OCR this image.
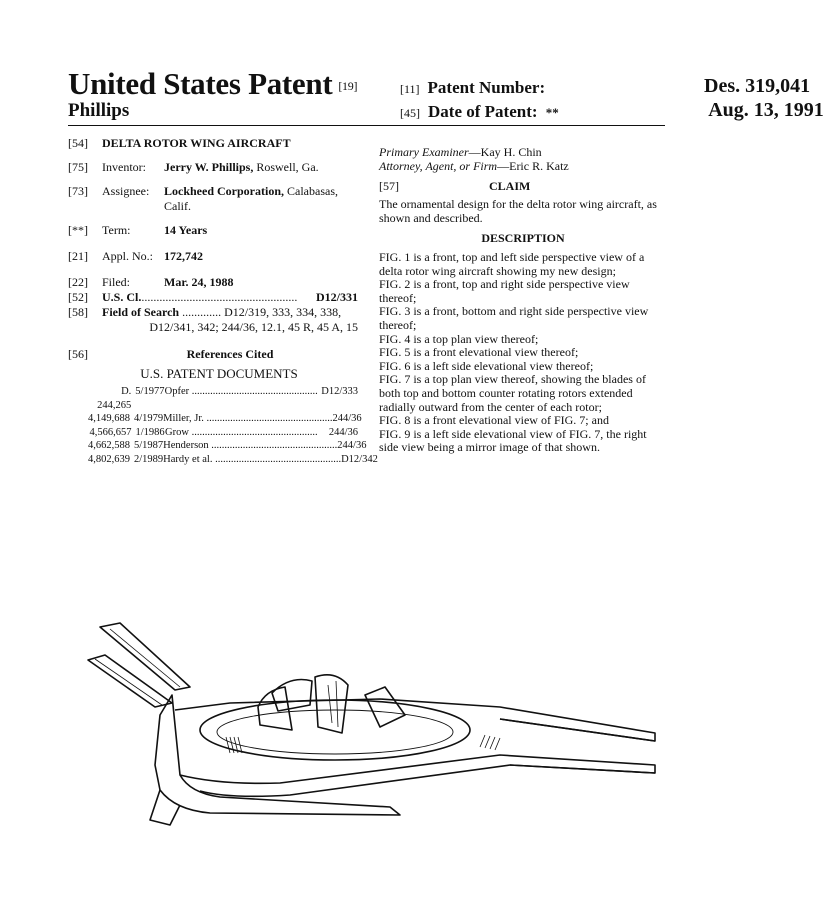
United States Patent [19]
Phillips
[11] Patent Number:	Des. 319,041
[45] Date of Patent: **	Aug. 13, 1991
[54]	DELTA ROTOR WING AIRCRAFT
[75]	Inventor:	Jerry W. Phillips, Roswell, Ga.
[73]	Assignee:	Lockheed Corporation, Calabasas, Calif.
[**]	Term:	14 Years
[21]	Appl. No.: 172,742
[22]	Filed:	Mar. 24, 1988
[52]	U.S. Cl. ....................................................	D12/331
[58]	Field of Search ............. D12/319, 333, 334, 338,
D12/341, 342; 244/36, 12.1, 45 R, 45 A, 15
[56]	References Cited
U.S. PATENT DOCUMENTS
D. 244,265
5/1977 Opfer ................................................ D12/333
4,149,688 4/1979 Miller, Jr. ................................................ 244/36
4,566,657 1/1986 Grow ................................................	244/36
4,662,588 5/1987 Henderson ................................................ 244/36
4,802,639 2/1989 Hardy et al. ................................................ D12/342
Primary Examiner—Kay H. Chin
Attorney, Agent, or Firm—Eric R. Katz
[57]	CLAIM
The ornamental design for the delta rotor wing aircraft, as shown and described.
DESCRIPTION
FIG. 1 is a front, top and left side perspective view of a delta rotor wing aircraft showing my new design;
FIG. 2 is a front, top and right side perspective view thereof;
FIG. 3 is a front, bottom and right side perspective view thereof;
FIG. 4 is a top plan view thereof;
FIG. 5 is a front elevational view thereof;
FIG. 6 is a left side elevational view thereof;
FIG. 7 is a top plan view thereof, showing the blades of both top and bottom counter rotating rotors extended radially outward from the center of each rotor;
FIG. 8 is a front elevational view of FIG. 7; and
FIG. 9 is a left side elevational view of FIG. 7, the right side view being a mirror image of that shown.
